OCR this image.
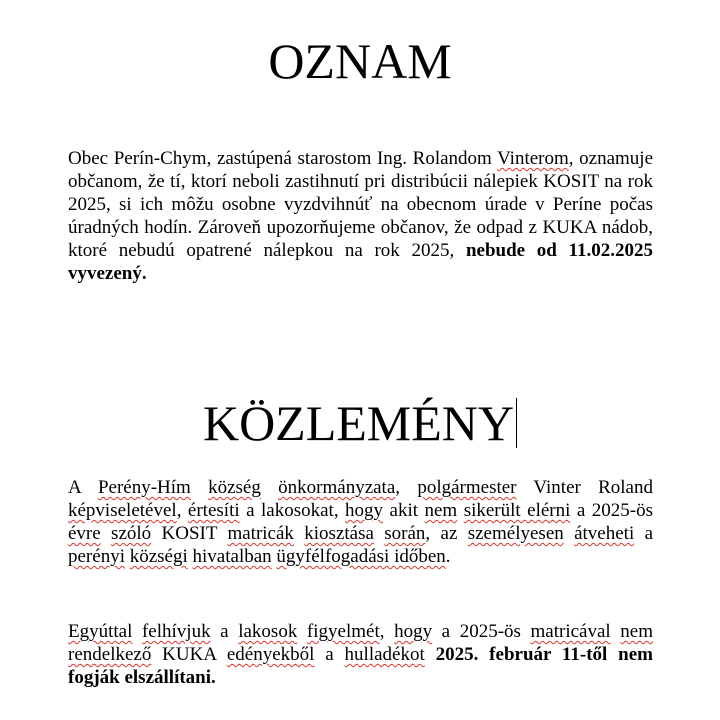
OZNAM

Obec Perín-Chym, zastúpená starostom Ing. Rolandom Vinterom, oznamuje občanom, že tí, ktorí neboli zastihnutí pri distribúcii nálepiek KOSIT na rok 2025, si ich môžu osobne vyzdvihnúť na obecnom úrade v Períne počas úradných hodín. Zároveň upozorňujeme občanov, že odpad z KUKA nádob, ktoré nebudú opatrené nálepkou na rok 2025, nebude od 11.02.2025 vyvezený.

KÖZLEMÉNY

A Perény-Hím község önkormányzata, polgármester Vinter Roland képviseletével, értesíti a lakosokat, hogy akit nem sikerült elérni a 2025-ös évre szóló KOSIT matricák kiosztása során, az személyesen átveheti a perényi községi hivatalban ügyfélfogadási időben.

Egyúttal felhívjuk a lakosok figyelmét, hogy a 2025-ös matricával nem rendelkező KUKA edényekből a hulladékot 2025. február 11-től nem fogják elszállítani.
